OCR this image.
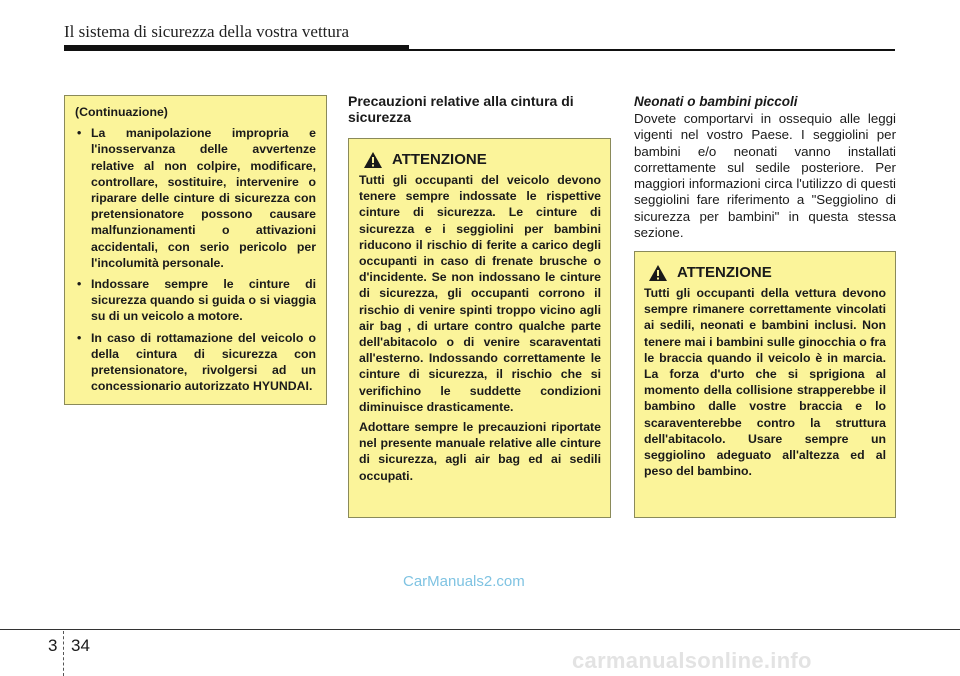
Il sistema di sicurezza della vostra vettura
(Continuazione)
• La manipolazione impropria e l'inosservanza delle avvertenze relative al non colpire, modificare, controllare, sostituire, intervenire o riparare delle cinture di sicurezza con pretensionatore possono causare malfunzionamenti o attivazioni accidentali, con serio pericolo per l'incolumità personale.
• Indossare sempre le cinture di sicurezza quando si guida o si viaggia su di un veicolo a motore.
• In caso di rottamazione del veicolo o della cintura di sicurezza con pretensionatore, rivolgersi ad un concessionario autorizzato HYUNDAI.
Precauzioni relative alla cintura di sicurezza
ATTENZIONE

Tutti gli occupanti del veicolo devono tenere sempre indossate le rispettive cinture di sicurezza. Le cinture di sicurezza e i seggiolini per bambini riducono il rischio di ferite a carico degli occupanti in caso di frenate brusche o d'incidente. Se non indossano le cinture di sicurezza, gli occupanti corrono il rischio di venire spinti troppo vicino agli air bag , di urtare contro qualche parte dell'abitacolo o di venire scaraventati all'esterno. Indossando correttamente le cinture di sicurezza, il rischio che si verifichino le suddette condizioni diminuisce drasticamente.

Adottare sempre le precauzioni riportate nel presente manuale relative alle cinture di sicurezza, agli air bag ed ai sedili occupati.

Neonati o bambini piccoli

Dovete comportarvi in ossequio alle leggi vigenti nel vostro Paese. I seggiolini per bambini e/o neonati vanno installati correttamente sul sedile posteriore. Per maggiori informazioni circa l'utilizzo di questi seggiolini fare riferimento a "Seggiolino di sicurezza per bambini" in questa stessa sezione.

ATTENZIONE

Tutti gli occupanti della vettura devono sempre rimanere correttamente vincolati ai sedili, neonati e bambini inclusi. Non tenere mai i bambini sulle ginocchia o fra le braccia quando il veicolo è in marcia. La forza d'urto che si sprigiona al momento della collisione strapperebbe il bambino dalle vostre braccia e lo scaraventerebbe contro la struttura dell'abitacolo. Usare sempre un seggiolino adeguato all'altezza ed al peso del bambino.

CarManuals2.com
3 34
carmanualsonline.info
